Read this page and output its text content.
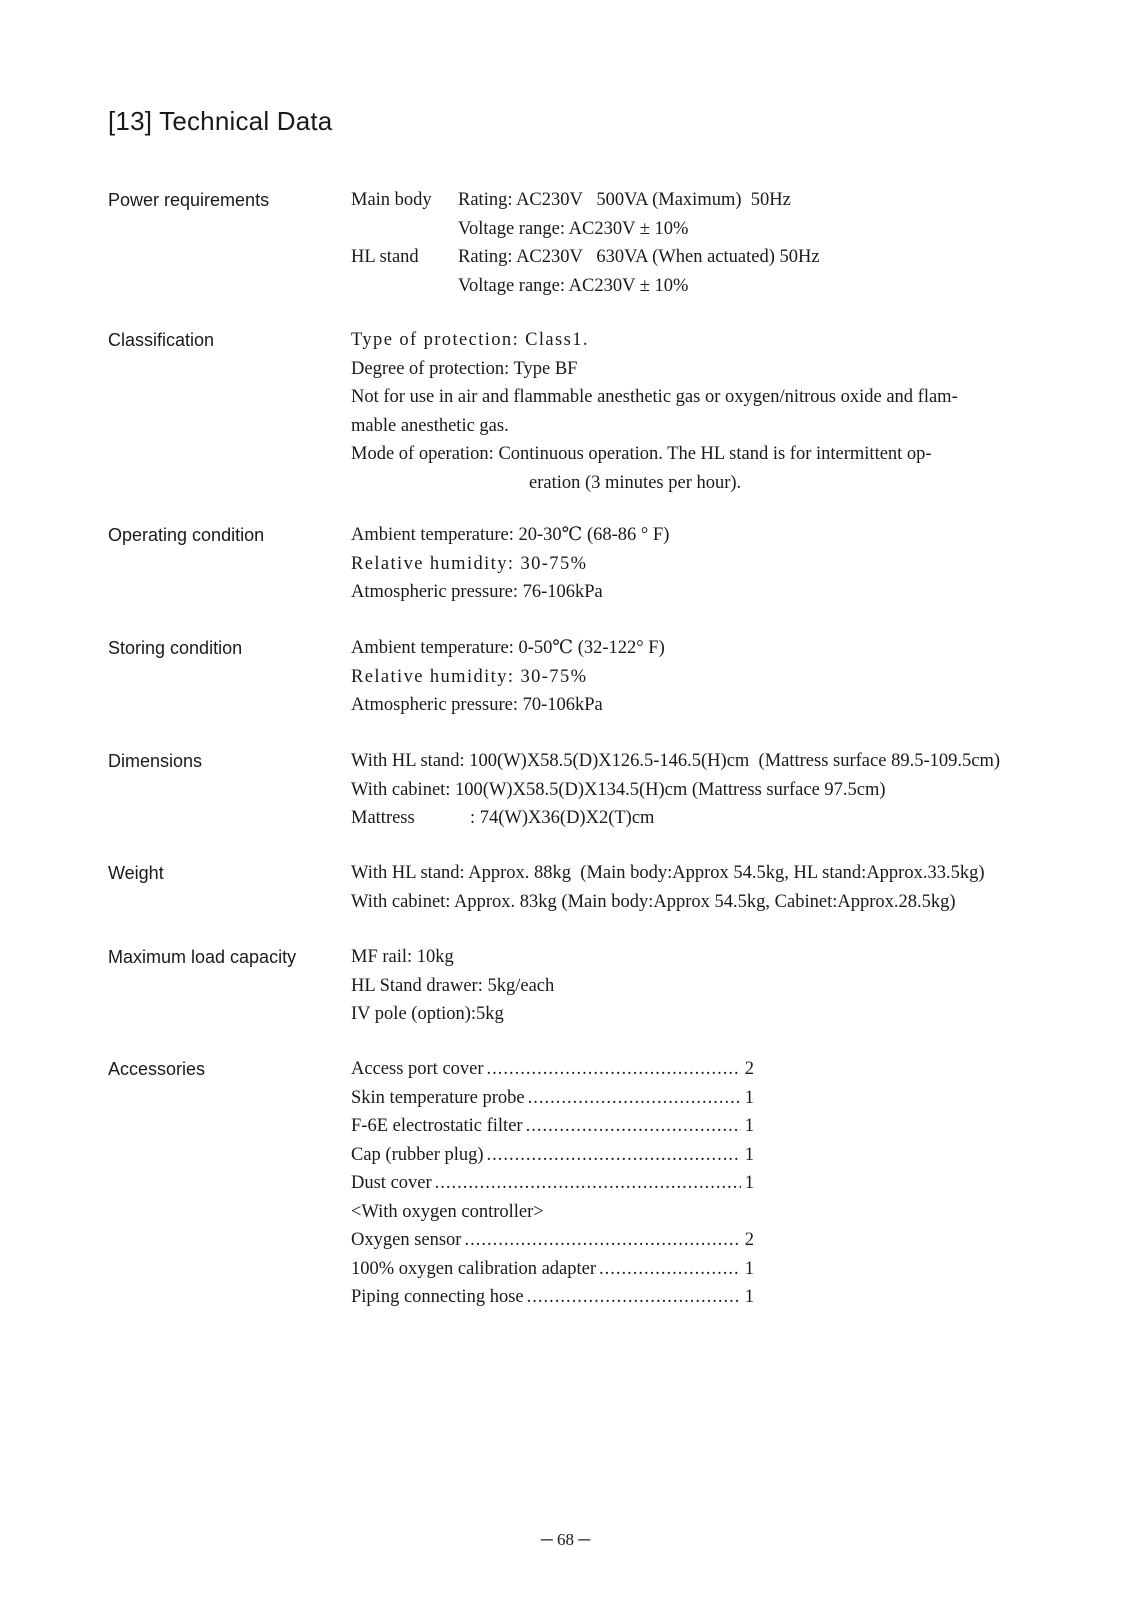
[13] Technical Data
Power requirements	Main body	Rating: AC230V   500VA (Maximum)  50Hz
Voltage range: AC230V ± 10%
HL stand	Rating: AC230V   630VA (When actuated) 50Hz
Voltage range: AC230V ± 10%
Classification	Type of protection: Class1.
Degree of protection: Type BF
Not for use in air and flammable anesthetic gas or oxygen/nitrous oxide and flam-
mable anesthetic gas.
Mode of operation: Continuous operation. The HL stand is for intermittent op-
eration (3 minutes per hour).
Operating condition	Ambient temperature: 20-30℃ (68-86 ° F)
Relative humidity: 30-75%
Atmospheric pressure: 76-106kPa
Storing condition	Ambient temperature: 0-50℃ (32-122° F)
Relative humidity: 30-75%
Atmospheric pressure: 70-106kPa
Dimensions	With HL stand: 100(W)X58.5(D)X126.5-146.5(H)cm  (Mattress surface 89.5-109.5cm)
With cabinet: 100(W)X58.5(D)X134.5(H)cm (Mattress surface 97.5cm)
Mattress	: 74(W)X36(D)X2(T)cm
Weight	With HL stand: Approx. 88kg  (Main body:Approx 54.5kg, HL stand:Approx.33.5kg)
With cabinet: Approx. 83kg (Main body:Approx 54.5kg, Cabinet:Approx.28.5kg)
Maximum load capacity	MF rail: 10kg
HL Stand drawer: 5kg/each
IV pole (option):5kg
Accessories	Access port cover .....	2
Skin temperature probe .....	1
F-6E electrostatic filter .....	1
Cap (rubber plug) .....	1
Dust cover .....	1
<With oxygen controller>
Oxygen sensor .....	2
100% oxygen calibration adapter .....	1
Piping connecting hose .....	1
─ 68 ─
